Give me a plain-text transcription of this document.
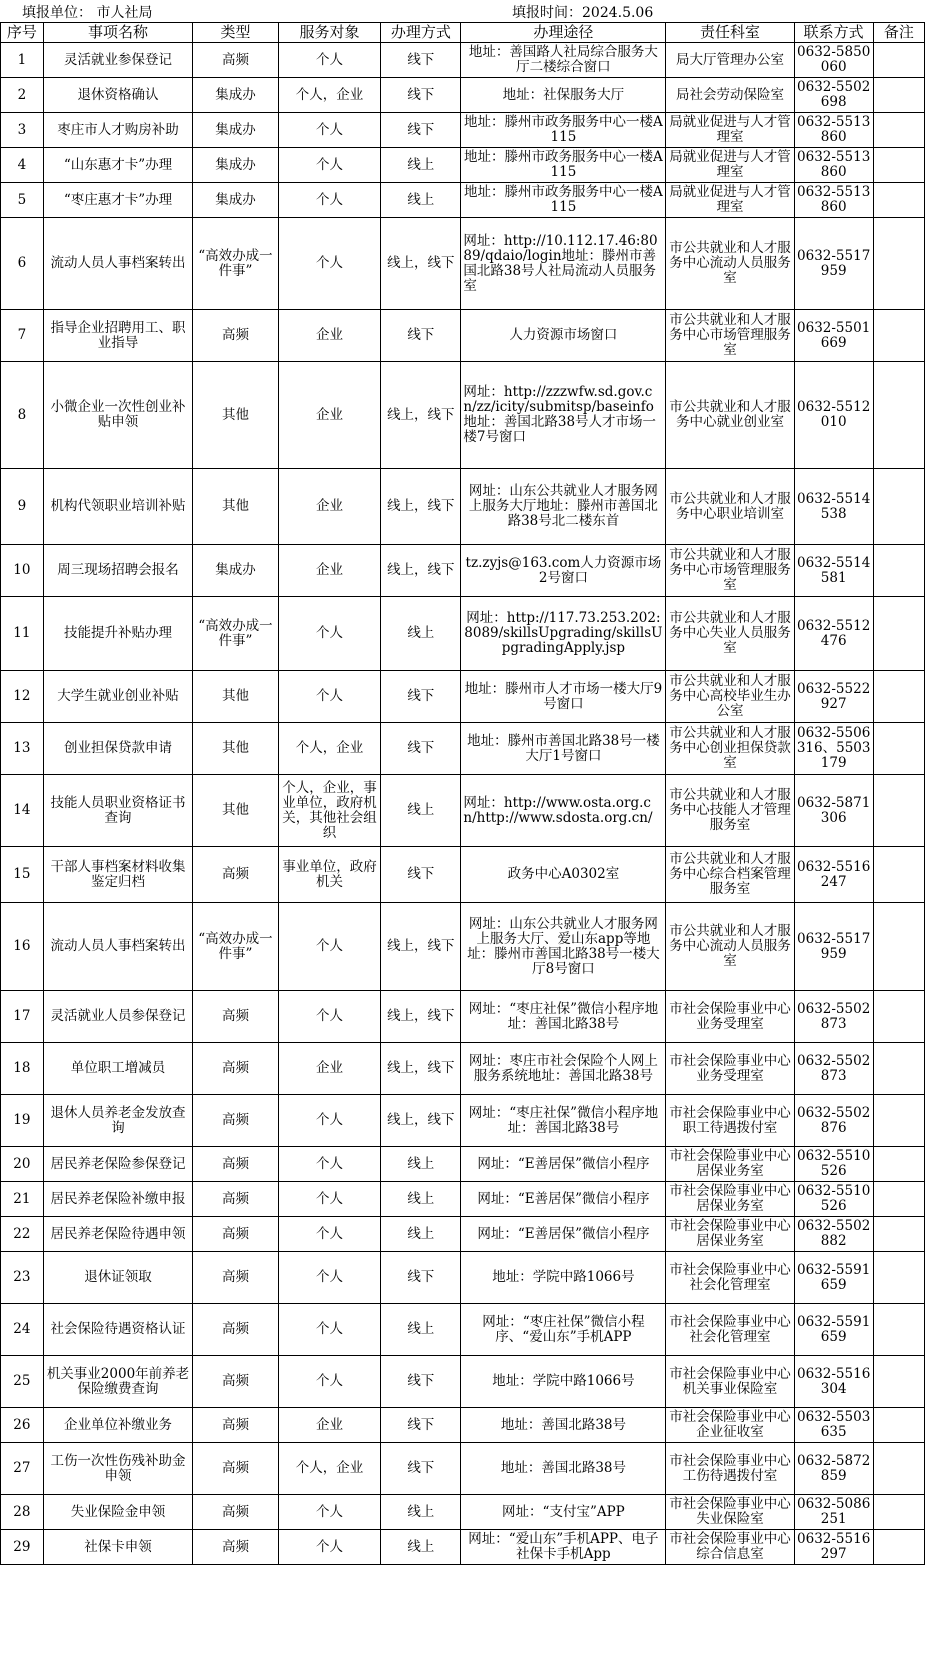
填报单位： 市人社局	填报时间：2024.5.06
序号	事项名称	类型	服务对象	办理方式	办理途径	责任科室	联系方式	备注
1	灵活就业参保登记	高频	个人	线下	地址：善国路人社局综合服务大厅二楼综合窗口	局大厅管理办公室	0632-5850060	
2	退休资格确认	集成办	个人，企业	线下	地址：社保服务大厅	局社会劳动保险室	0632-5502698	
3	枣庄市人才购房补助	集成办	个人	线下	地址：滕州市政务服务中心一楼A115	局就业促进与人才管理室	0632-5513860	
4	“山东惠才卡”办理	集成办	个人	线上	地址：滕州市政务服务中心一楼A115	局就业促进与人才管理室	0632-5513860	
5	“枣庄惠才卡”办理	集成办	个人	线上	地址：滕州市政务服务中心一楼A115	局就业促进与人才管理室	0632-5513860	
6	流动人员人事档案转出	“高效办成一件事”	个人	线上，线下	网址：http://10.112.17.46:8089/qdaio/login地址：滕州市善国北路38号人社局流动人员服务室	市公共就业和人才服务中心流动人员服务室	0632-5517959	
7	指导企业招聘用工、职业指导	高频	企业	线下	人力资源市场窗口	市公共就业和人才服务中心市场管理服务室	0632-5501669	
8	小微企业一次性创业补贴申领	其他	企业	线上，线下	网址：http://zzzwfw.sd.gov.cn/zz/icity/submitsp/baseinfo地址：善国北路38号人才市场一楼7号窗口	市公共就业和人才服务中心就业创业室	0632-5512010	
9	机构代领职业培训补贴	其他	企业	线上，线下	网址：山东公共就业人才服务网上服务大厅地址：滕州市善国北路38号北二楼东首	市公共就业和人才服务中心职业培训室	0632-5514538	
10	周三现场招聘会报名	集成办	企业	线上，线下	tz.zyjs@163.com人力资源市场2号窗口	市公共就业和人才服务中心市场管理服务室	0632-5514581	
11	技能提升补贴办理	“高效办成一件事”	个人	线上	网址：http://117.73.253.202:8089/skillsUpgrading/skillsUpgradingApply.jsp	市公共就业和人才服务中心失业人员服务室	0632-5512476	
12	大学生就业创业补贴	其他	个人	线下	地址：滕州市人才市场一楼大厅9号窗口	市公共就业和人才服务中心高校毕业生办公室	0632-5522927	
13	创业担保贷款申请	其他	个人，企业	线下	地址：滕州市善国北路38号一楼大厅1号窗口	市公共就业和人才服务中心创业担保贷款室	0632-5506316、5503179	
14	技能人员职业资格证书查询	其他	个人，企业，事业单位，政府机关，其他社会组织	线上	网址：http://www.osta.org.cn/http://www.sdosta.org.cn/	市公共就业和人才服务中心技能人才管理服务室	0632-5871306	
15	干部人事档案材料收集鉴定归档	高频	事业单位，政府机关	线下	政务中心A0302室	市公共就业和人才服务中心综合档案管理服务室	0632-5516247	
16	流动人员人事档案转出	“高效办成一件事”	个人	线上，线下	网址：山东公共就业人才服务网上服务大厅、爱山东app等地址：滕州市善国北路38号一楼大厅8号窗口	市公共就业和人才服务中心流动人员服务室	0632-5517959	
17	灵活就业人员参保登记	高频	个人	线上，线下	网址：“枣庄社保”微信小程序地址：善国北路38号	市社会保险事业中心业务受理室	0632-5502873	
18	单位职工增减员	高频	企业	线上，线下	网址：枣庄市社会保险个人网上服务系统地址：善国北路38号	市社会保险事业中心业务受理室	0632-5502873	
19	退休人员养老金发放查询	高频	个人	线上，线下	网址：“枣庄社保”微信小程序地址：善国北路38号	市社会保险事业中心职工待遇拨付室	0632-5502876	
20	居民养老保险参保登记	高频	个人	线上	网址：“E善居保”微信小程序	市社会保险事业中心居保业务室	0632-5510526	
21	居民养老保险补缴申报	高频	个人	线上	网址：“E善居保”微信小程序	市社会保险事业中心居保业务室	0632-5510526	
22	居民养老保险待遇申领	高频	个人	线上	网址：“E善居保”微信小程序	市社会保险事业中心居保业务室	0632-5502882	
23	退休证领取	高频	个人	线下	地址：学院中路1066号	市社会保险事业中心社会化管理室	0632-5591659	
24	社会保险待遇资格认证	高频	个人	线上	网址：“枣庄社保”微信小程序、“爱山东”手机APP	市社会保险事业中心社会化管理室	0632-5591659	
25	机关事业2000年前养老保险缴费查询	高频	个人	线下	地址：学院中路1066号	市社会保险事业中心机关事业保险室	0632-5516304	
26	企业单位补缴业务	高频	企业	线下	地址：善国北路38号	市社会保险事业中心企业征收室	0632-5503635	
27	工伤一次性伤残补助金申领	高频	个人，企业	线下	地址：善国北路38号	市社会保险事业中心工伤待遇拨付室	0632-5872859	
28	失业保险金申领	高频	个人	线上	网址：“支付宝”APP	市社会保险事业中心失业保险室	0632-5086251	
29	社保卡申领	高频	个人	线上	网址：“爱山东”手机APP、电子社保卡手机App	市社会保险事业中心综合信息室	0632-5516297	
